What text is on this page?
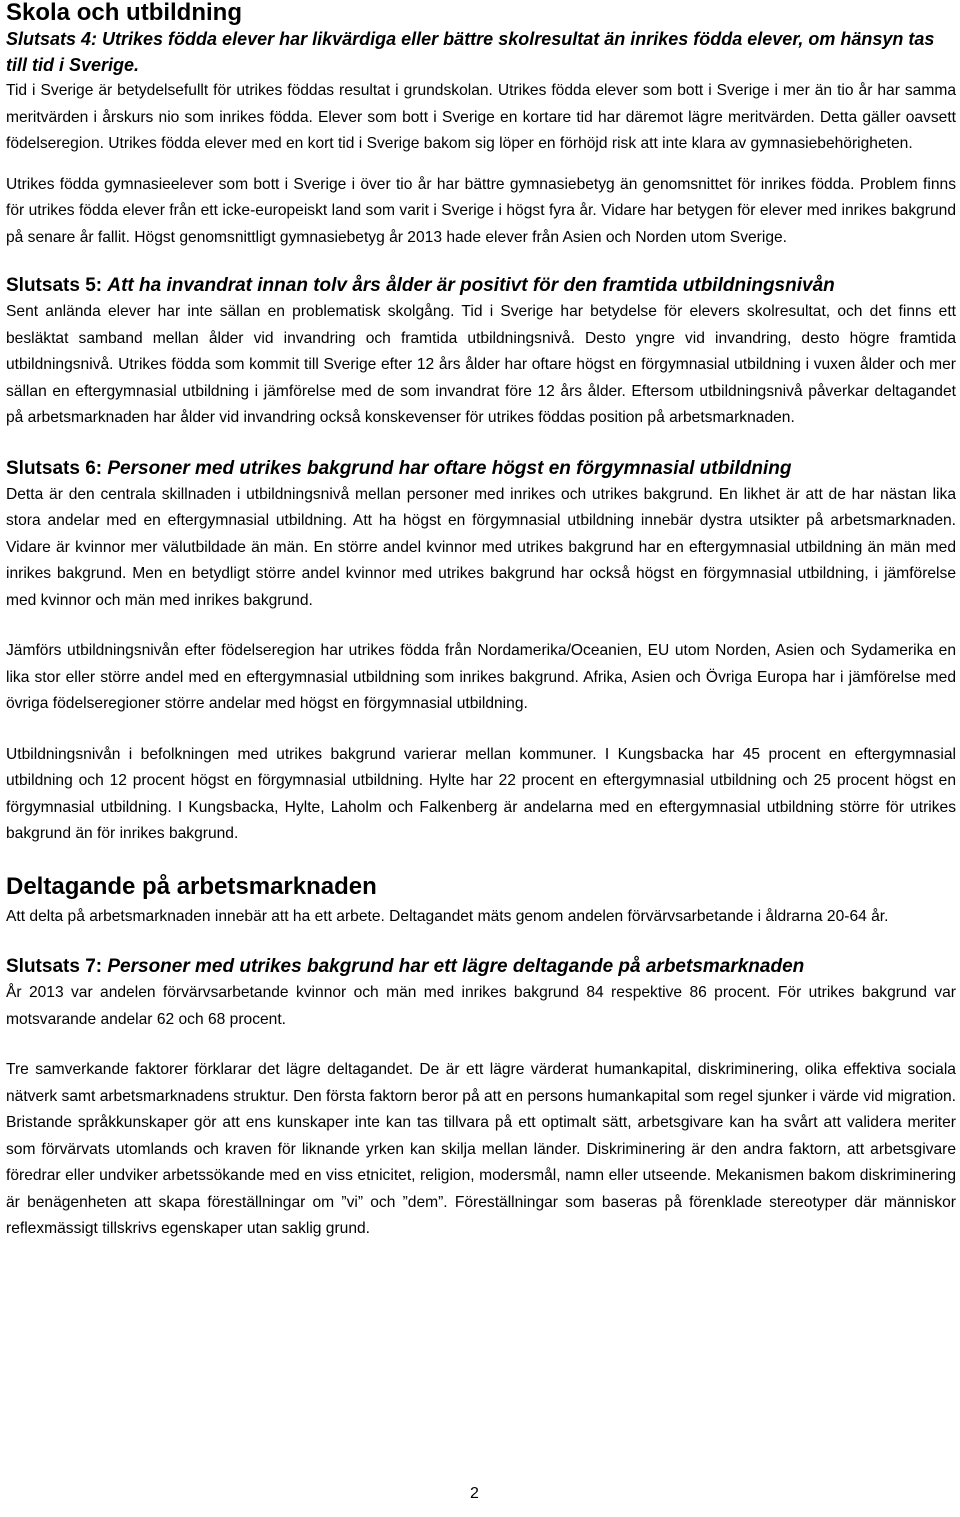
Skola och utbildning
Slutsats 4: Utrikes födda elever har likvärdiga eller bättre skolresultat än inrikes födda elever, om hänsyn tas till tid i Sverige.

Tid i Sverige är betydelsefullt för utrikes föddas resultat i grundskolan. Utrikes födda elever som bott i Sverige i mer än tio år har samma meritvärden i årskurs nio som inrikes födda. Elever som bott i Sverige en kortare tid har däremot lägre meritvärden. Detta gäller oavsett födelseregion. Utrikes födda elever med en kort tid i Sverige bakom sig löper en förhöjd risk att inte klara av gymnasiebehörigheten.

Utrikes födda gymnasieelever som bott i Sverige i över tio år har bättre gymnasiebetyg än genomsnittet för inrikes födda. Problem finns för utrikes födda elever från ett icke-europeiskt land som varit i Sverige i högst fyra år. Vidare har betygen för elever med inrikes bakgrund på senare år fallit. Högst genomsnittligt gymnasiebetyg år 2013 hade elever från Asien och Norden utom Sverige.

Slutsats 5: Att ha invandrat innan tolv års ålder är positivt för den framtida utbildningsnivån

Sent anlända elever har inte sällan en problematisk skolgång. Tid i Sverige har betydelse för elevers skolresultat, och det finns ett besläktat samband mellan ålder vid invandring och framtida utbildningsnivå. Desto yngre vid invandring, desto högre framtida utbildningsnivå. Utrikes födda som kommit till Sverige efter 12 års ålder har oftare högst en förgymnasial utbildning i vuxen ålder och mer sällan en eftergymnasial utbildning i jämförelse med de som invandrat före 12 års ålder. Eftersom utbildningsnivå påverkar deltagandet på arbetsmarknaden har ålder vid invandring också konskevenser för utrikes föddas position på arbetsmarknaden.

Slutsats 6: Personer med utrikes bakgrund har oftare högst en förgymnasial utbildning

Detta är den centrala skillnaden i utbildningsnivå mellan personer med inrikes och utrikes bakgrund. En likhet är att de har nästan lika stora andelar med en eftergymnasial utbildning. Att ha högst en förgymnasial utbildning innebär dystra utsikter på arbetsmarknaden. Vidare är kvinnor mer välutbildade än män. En större andel kvinnor med utrikes bakgrund har en eftergymnasial utbildning än män med inrikes bakgrund. Men en betydligt större andel kvinnor med utrikes bakgrund har också högst en förgymnasial utbildning, i jämförelse med kvinnor och män med inrikes bakgrund.

Jämförs utbildningsnivån efter födelseregion har utrikes födda från Nordamerika/Oceanien, EU utom Norden, Asien och Sydamerika en lika stor eller större andel med en eftergymnasial utbildning som inrikes bakgrund. Afrika, Asien och Övriga Europa har i jämförelse med övriga födelseregioner större andelar med högst en förgymnasial utbildning.

Utbildningsnivån i befolkningen med utrikes bakgrund varierar mellan kommuner. I Kungsbacka har 45 procent en eftergymnasial utbildning och 12 procent högst en förgymnasial utbildning. Hylte har 22 procent en eftergymnasial utbildning och 25 procent högst en förgymnasial utbildning. I Kungsbacka, Hylte, Laholm och Falkenberg är andelarna med en eftergymnasial utbildning större för utrikes bakgrund än för inrikes bakgrund.

Deltagande på arbetsmarknaden

Att delta på arbetsmarknaden innebär att ha ett arbete. Deltagandet mäts genom andelen förvärvsarbetande i åldrarna 20-64 år.

Slutsats 7: Personer med utrikes bakgrund har ett lägre deltagande på arbetsmarknaden

År 2013 var andelen förvärvsarbetande kvinnor och män med inrikes bakgrund 84 respektive 86 procent. För utrikes bakgrund var motsvarande andelar 62 och 68 procent.

Tre samverkande faktorer förklarar det lägre deltagandet. De är ett lägre värderat humankapital, diskriminering, olika effektiva sociala nätverk samt arbetsmarknadens struktur. Den första faktorn beror på att en persons humankapital som regel sjunker i värde vid migration. Bristande språkkunskaper gör att ens kunskaper inte kan tas tillvara på ett optimalt sätt, arbetsgivare kan ha svårt att validera meriter som förvärvats utomlands och kraven för liknande yrken kan skilja mellan länder. Diskriminering är den andra faktorn, att arbetsgivare föredrar eller undviker arbetssökande med en viss etnicitet, religion, modersmål, namn eller utseende. Mekanismen bakom diskriminering är benägenheten att skapa föreställningar om ”vi” och ”dem”. Föreställningar som baseras på förenklade stereotyper där människor reflexmässigt tillskrivs egenskaper utan saklig grund.

2
